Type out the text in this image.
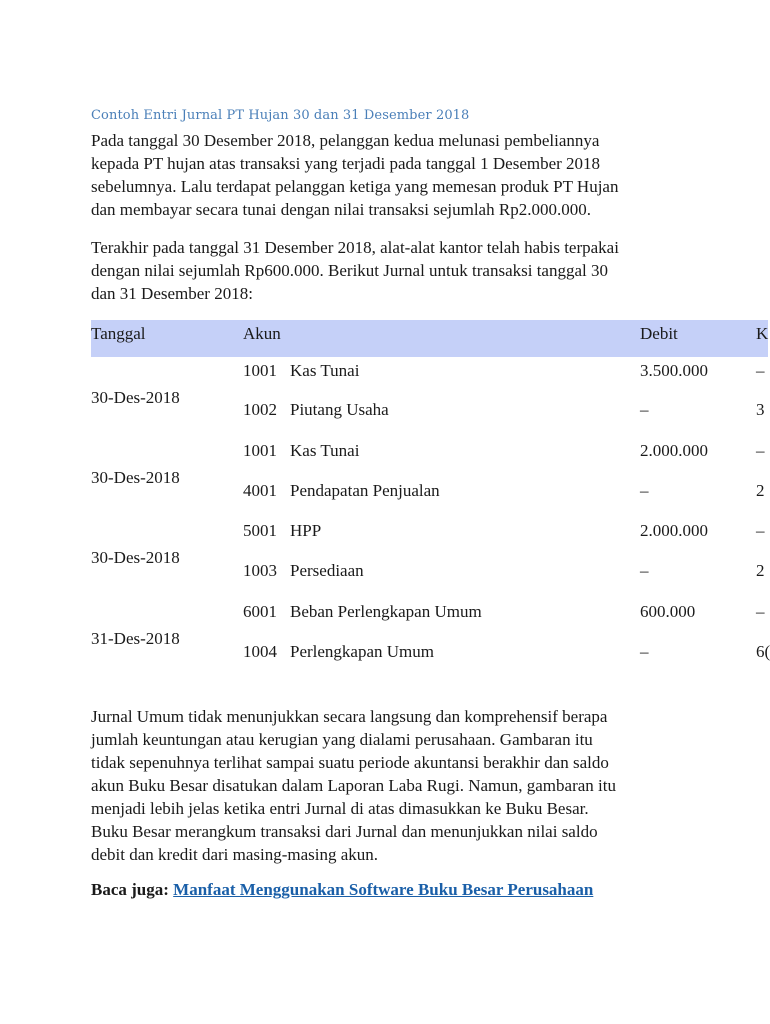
Contoh Entri Jurnal PT Hujan 30 dan 31 Desember 2018

Pada tanggal 30 Desember 2018, pelanggan kedua melunasi pembeliannya
kepada PT hujan atas transaksi yang terjadi pada tanggal 1 Desember 2018
sebelumnya. Lalu terdapat pelanggan ketiga yang memesan produk PT Hujan
dan membayar secara tunai dengan nilai transaksi sejumlah Rp2.000.000.

Terakhir pada tanggal 31 Desember 2018, alat-alat kantor telah habis terpakai
dengan nilai sejumlah Rp600.000. Berikut Jurnal untuk transaksi tanggal 30
dan 31 Desember 2018:

Tanggal	Akun	Debit	K
30-Des-2018
1001 Kas Tunai	3.500.000	–
1002 Piutang Usaha	–	3
30-Des-2018
1001 Kas Tunai	2.000.000	–
4001 Pendapatan Penjualan	–	2
30-Des-2018
5001 HPP	2.000.000	–
1003 Persediaan	–	2
31-Des-2018
6001 Beban Perlengkapan Umum	600.000	–
1004 Perlengkapan Umum	–	6(

Jurnal Umum tidak menunjukkan secara langsung dan komprehensif berapa
jumlah keuntungan atau kerugian yang dialami perusahaan. Gambaran itu
tidak sepenuhnya terlihat sampai suatu periode akuntansi berakhir dan saldo
akun Buku Besar disatukan dalam Laporan Laba Rugi. Namun, gambaran itu
menjadi lebih jelas ketika entri Jurnal di atas dimasukkan ke Buku Besar.
Buku Besar merangkum transaksi dari Jurnal dan menunjukkan nilai saldo
debit dan kredit dari masing-masing akun.

Baca juga: Manfaat Menggunakan Software Buku Besar Perusahaan
